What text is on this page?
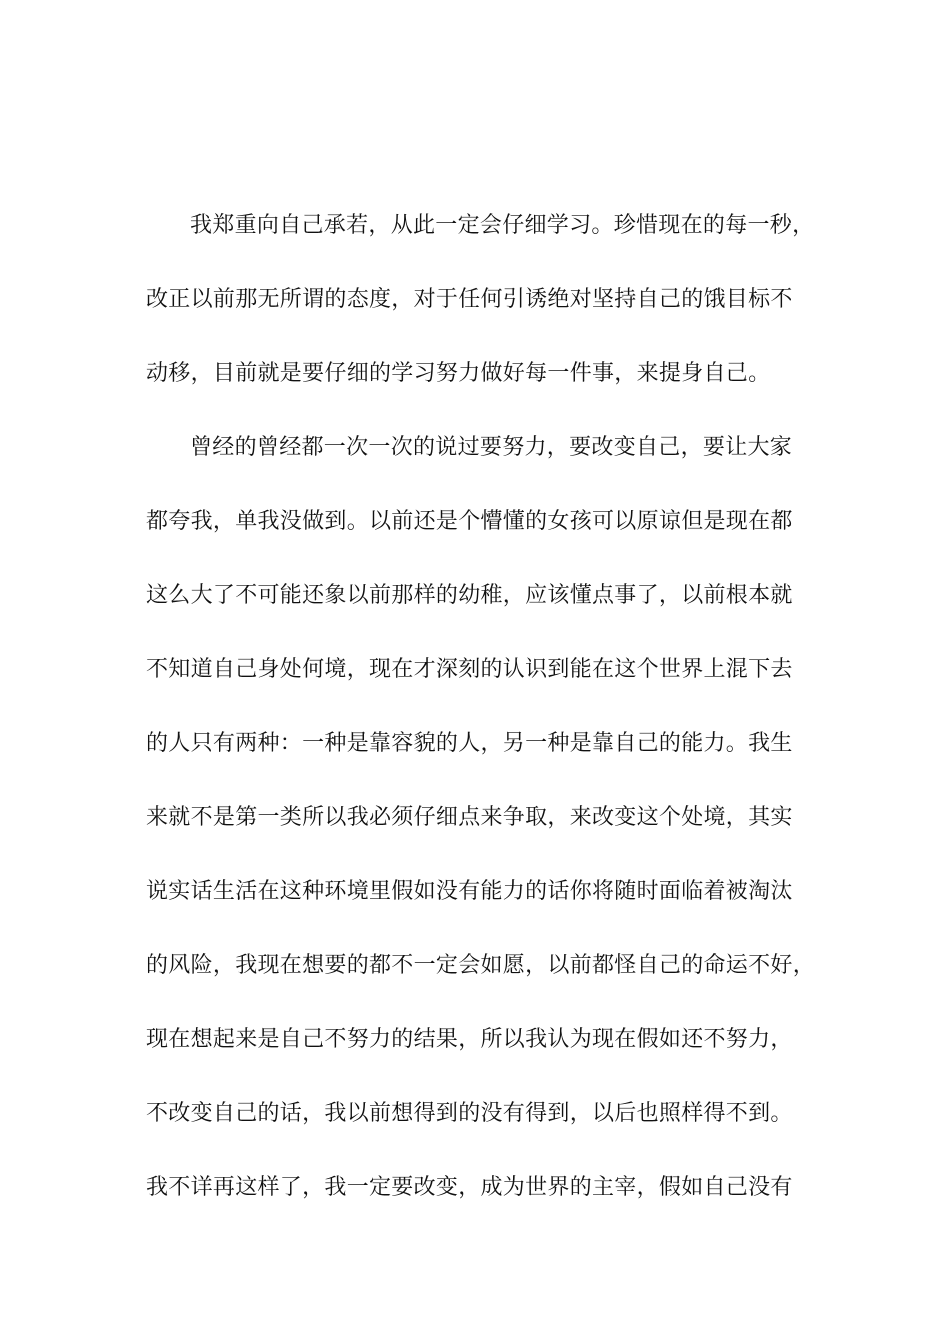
我郑重向自己承若，从此一定会仔细学习。珍惜现在的每一秒，
改正以前那无所谓的态度，对于任何引诱绝对坚持自己的饿目标不
动移，目前就是要仔细的学习努力做好每一件事，来提身自己。
曾经的曾经都一次一次的说过要努力，要改变自己，要让大家
都夸我，单我没做到。以前还是个懵懂的女孩可以原谅但是现在都
这么大了不可能还象以前那样的幼稚，应该懂点事了，以前根本就
不知道自己身处何境，现在才深刻的认识到能在这个世界上混下去
的人只有两种：一种是靠容貌的人，另一种是靠自己的能力。我生
来就不是第一类所以我必须仔细点来争取，来改变这个处境，其实
说实话生活在这种环境里假如没有能力的话你将随时面临着被淘汰
的风险，我现在想要的都不一定会如愿，以前都怪自己的命运不好，
现在想起来是自己不努力的结果，所以我认为现在假如还不努力，
不改变自己的话，我以前想得到的没有得到，以后也照样得不到。
我不详再这样了，我一定要改变，成为世界的主宰，假如自己没有
